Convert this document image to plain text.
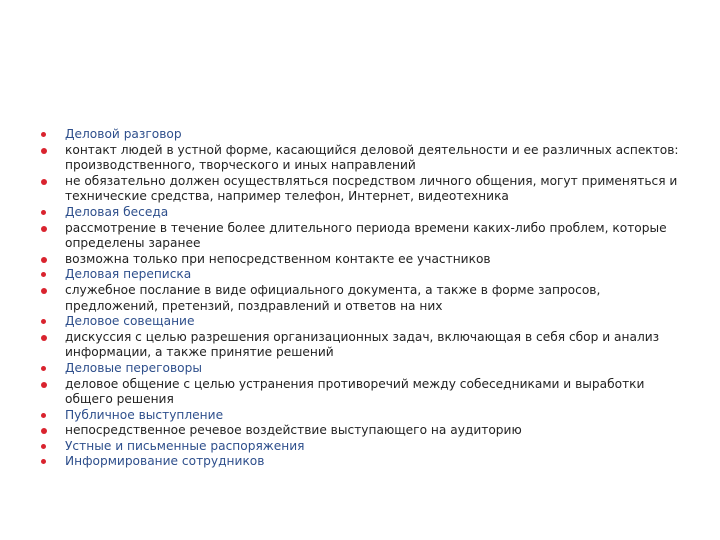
Деловой разговор
контакт людей в устной форме, касающийся деловой деятельности и ее различных аспектов: производственного, творческого и иных направлений
не обязательно должен осуществляться посредством личного общения, могут применяться и технические средства, например телефон, Интернет, видеотехника
Деловая беседа
рассмотрение в течение более длительного периода времени каких-либо проблем, которые определены заранее
возможна только при непосредственном контакте ее участников
Деловая переписка
служебное послание в виде официального документа, а также в форме запросов, предложений, претензий, поздравлений и ответов на них
Деловое совещание
дискуссия с целью разрешения организационных задач, включающая в себя сбор и анализ информации, а также принятие решений
Деловые переговоры
деловое общение с целью устранения противоречий между собеседниками и выработки общего решения
Публичное выступление
непосредственное речевое воздействие выступающего на аудиторию
Устные и письменные распоряжения
Информирование сотрудников
